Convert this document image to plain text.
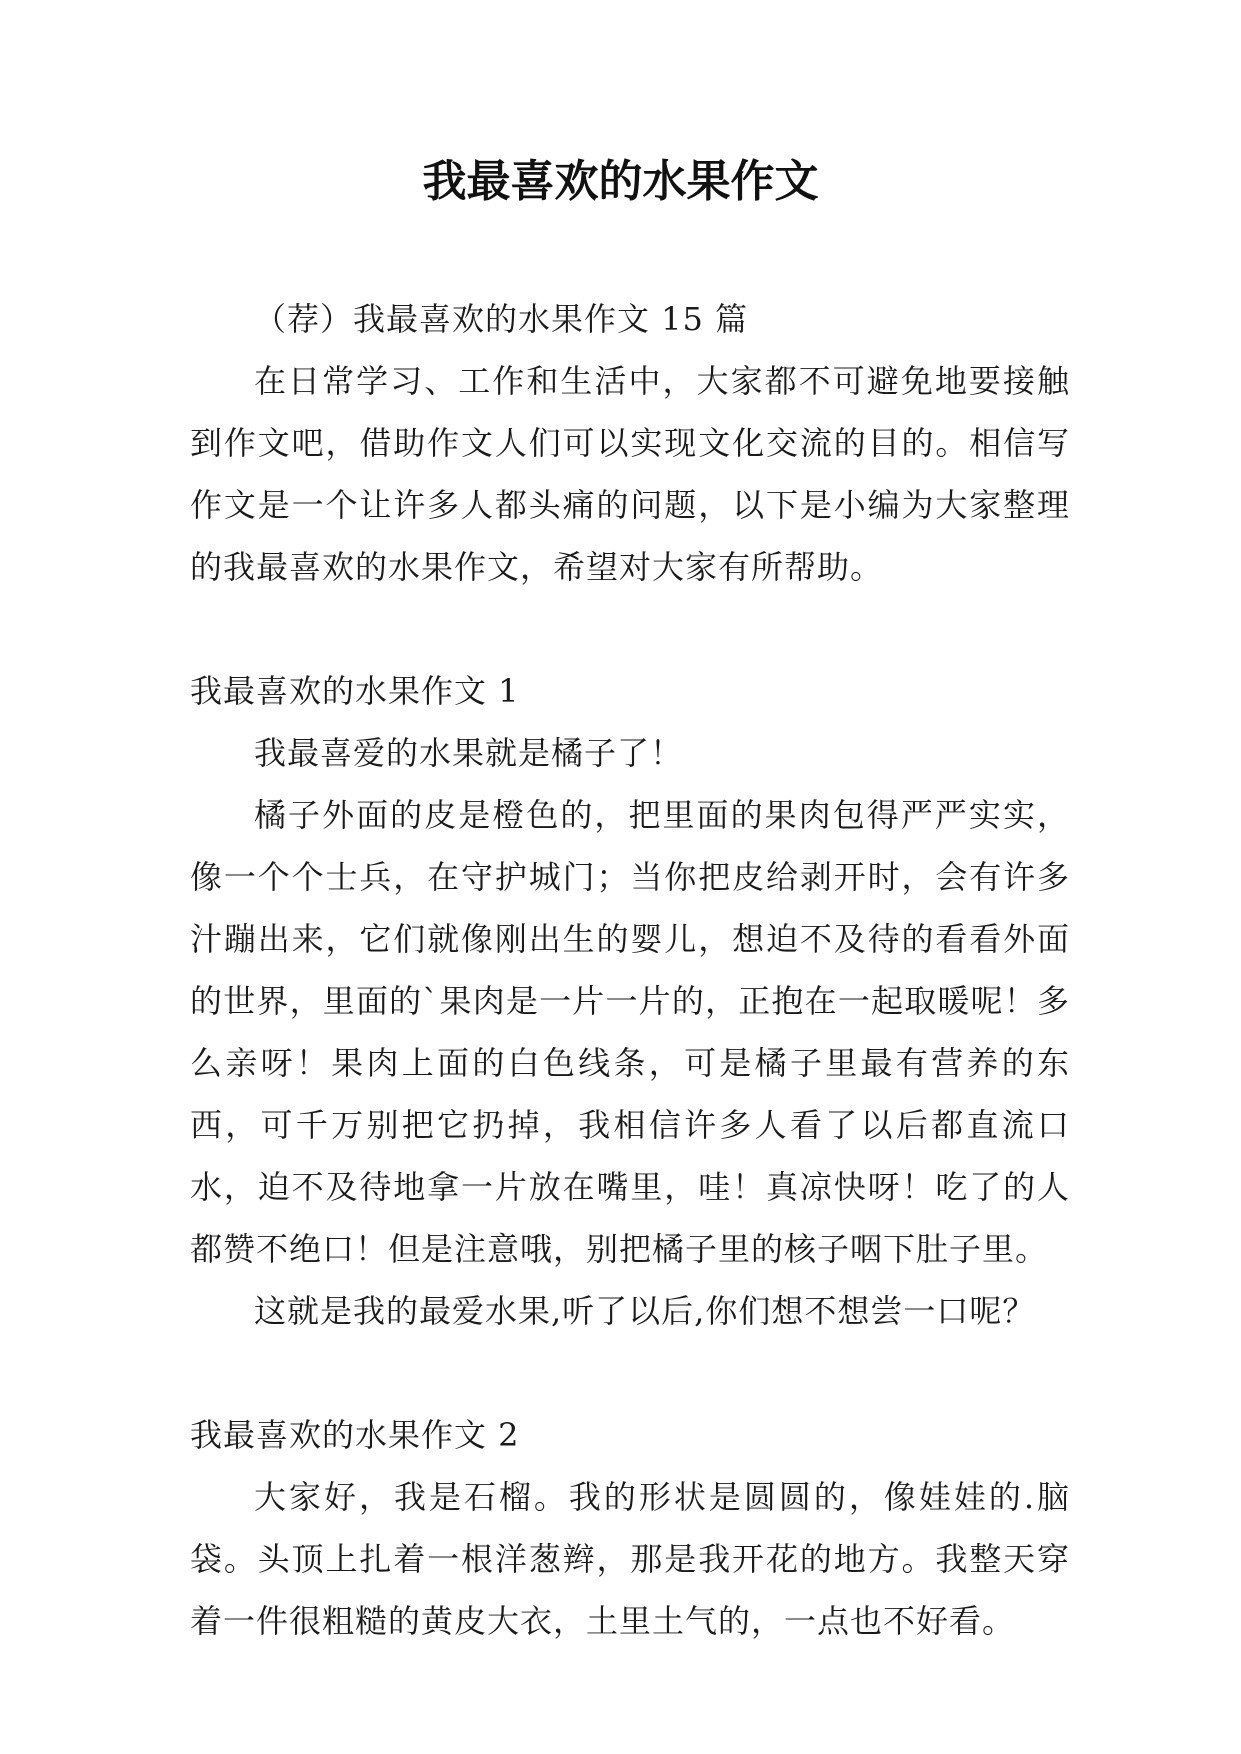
我最喜欢的水果作文

（荐）我最喜欢的水果作文 15 篇

在日常学习、工作和生活中，大家都不可避免地要接触到作文吧，借助作文人们可以实现文化交流的目的。相信写作文是一个让许多人都头痛的问题，以下是小编为大家整理的我最喜欢的水果作文，希望对大家有所帮助。

我最喜欢的水果作文 1

我最喜爱的水果就是橘子了！

橘子外面的皮是橙色的，把里面的果肉包得严严实实，像一个个士兵，在守护城门；当你把皮给剥开时，会有许多汁蹦出来，它们就像刚出生的婴儿，想迫不及待的看看外面的世界，里面的`果肉是一片一片的，正抱在一起取暖呢！多么亲呀！果肉上面的白色线条，可是橘子里最有营养的东西，可千万别把它扔掉，我相信许多人看了以后都直流口水，迫不及待地拿一片放在嘴里，哇！真凉快呀！吃了的人都赞不绝口！但是注意哦，别把橘子里的核子咽下肚子里。

这就是我的最爱水果,听了以后,你们想不想尝一口呢？

我最喜欢的水果作文 2

大家好，我是石榴。我的形状是圆圆的，像娃娃的.脑袋。头顶上扎着一根洋葱辫，那是我开花的地方。我整天穿着一件很粗糙的黄皮大衣，土里土气的，一点也不好看。
